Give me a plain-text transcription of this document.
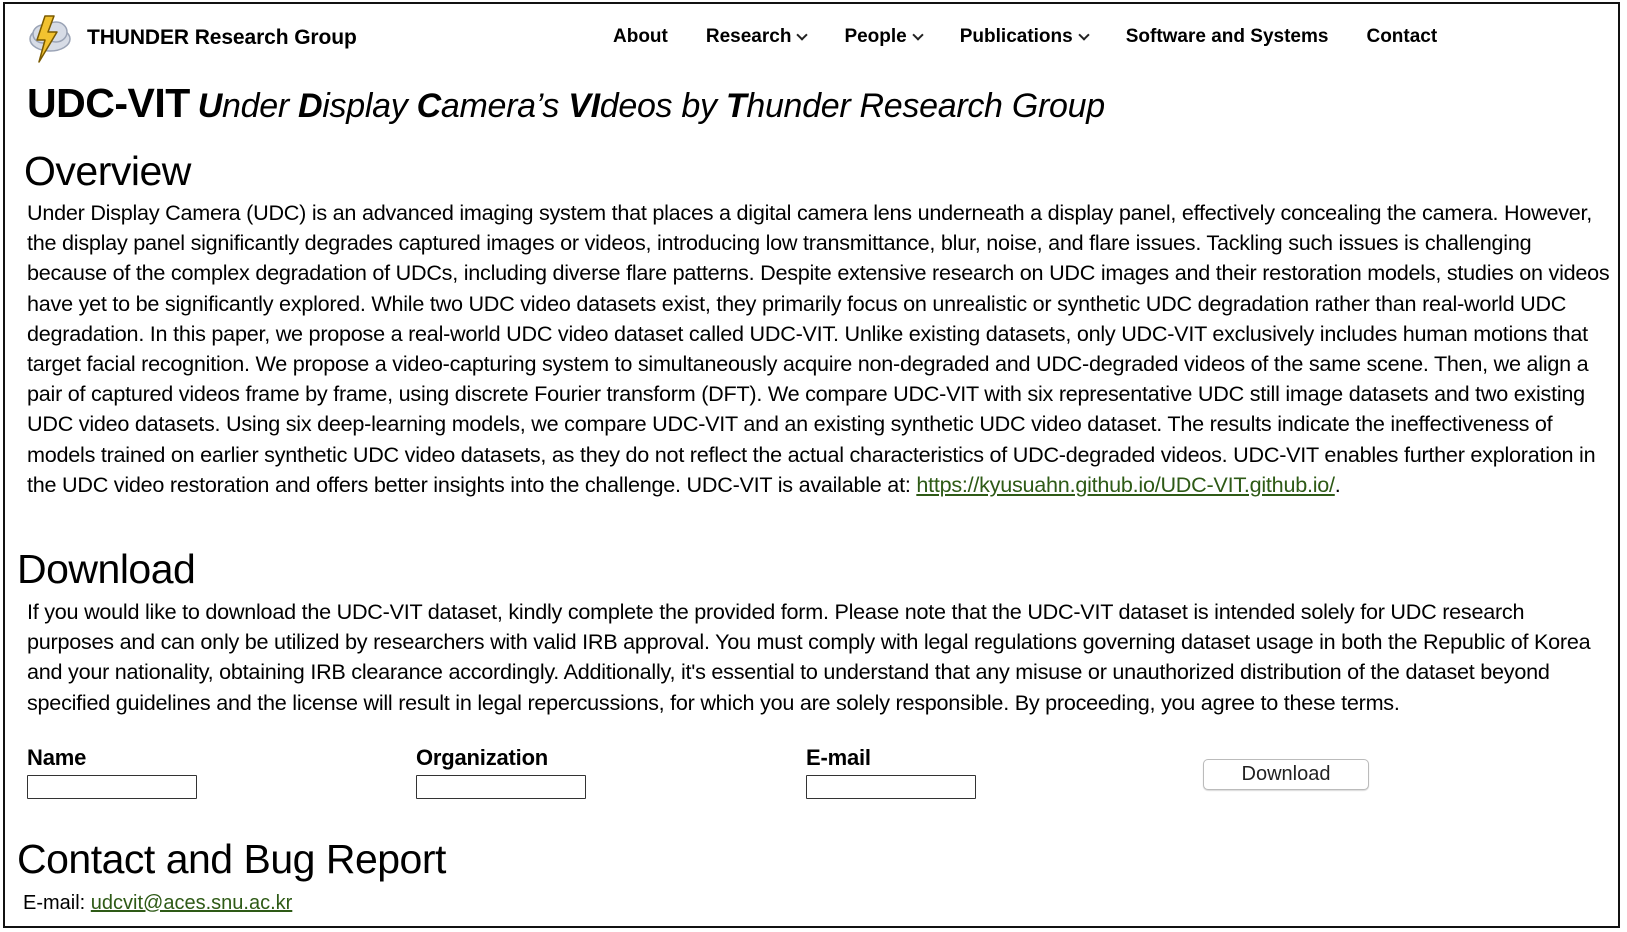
THUNDER Research Group	About Research	People	Publications	Software and Systems Contact
UDC-VIT Under Display Camera’s VIdeos by Thunder Research Group
Overview

Under Display Camera (UDC) is an advanced imaging system that places a digital camera lens underneath a display panel, effectively concealing the camera. However, the display panel significantly degrades captured images or videos, introducing low transmittance, blur, noise, and flare issues. Tackling such issues is challenging because of the complex degradation of UDCs, including diverse flare patterns. Despite extensive research on UDC images and their restoration models, studies on videos have yet to be significantly explored. While two UDC video datasets exist, they primarily focus on unrealistic or synthetic UDC degradation rather than real-world UDC degradation. In this paper, we propose a real-world UDC video dataset called UDC-VIT. Unlike existing datasets, only UDC-VIT exclusively includes human motions that target facial recognition. We propose a video-capturing system to simultaneously acquire non-degraded and UDC-degraded videos of the same scene. Then, we align a pair of captured videos frame by frame, using discrete Fourier transform (DFT). We compare UDC-VIT with six representative UDC still image datasets and two existing UDC video datasets. Using six deep-learning models, we compare UDC-VIT and an existing synthetic UDC video dataset. The results indicate the ineffectiveness of models trained on earlier synthetic UDC video datasets, as they do not reflect the actual characteristics of UDC-degraded videos. UDC-VIT enables further exploration in the UDC video restoration and offers better insights into the challenge. UDC-VIT is available at: https://kyusuahn.github.io/UDC-VIT.github.io/.

Download

If you would like to download the UDC-VIT dataset, kindly complete the provided form. Please note that the UDC-VIT dataset is intended solely for UDC research purposes and can only be utilized by researchers with valid IRB approval. You must comply with legal regulations governing dataset usage in both the Republic of Korea and your nationality, obtaining IRB clearance accordingly. Additionally, it's essential to understand that any misuse or unauthorized distribution of the dataset beyond specified guidelines and the license will result in legal repercussions, for which you are solely responsible. By proceeding, you agree to these terms.

Name	Organization	E-mail
Download
Contact and Bug Report
E-mail: udcvit@aces.snu.ac.kr
